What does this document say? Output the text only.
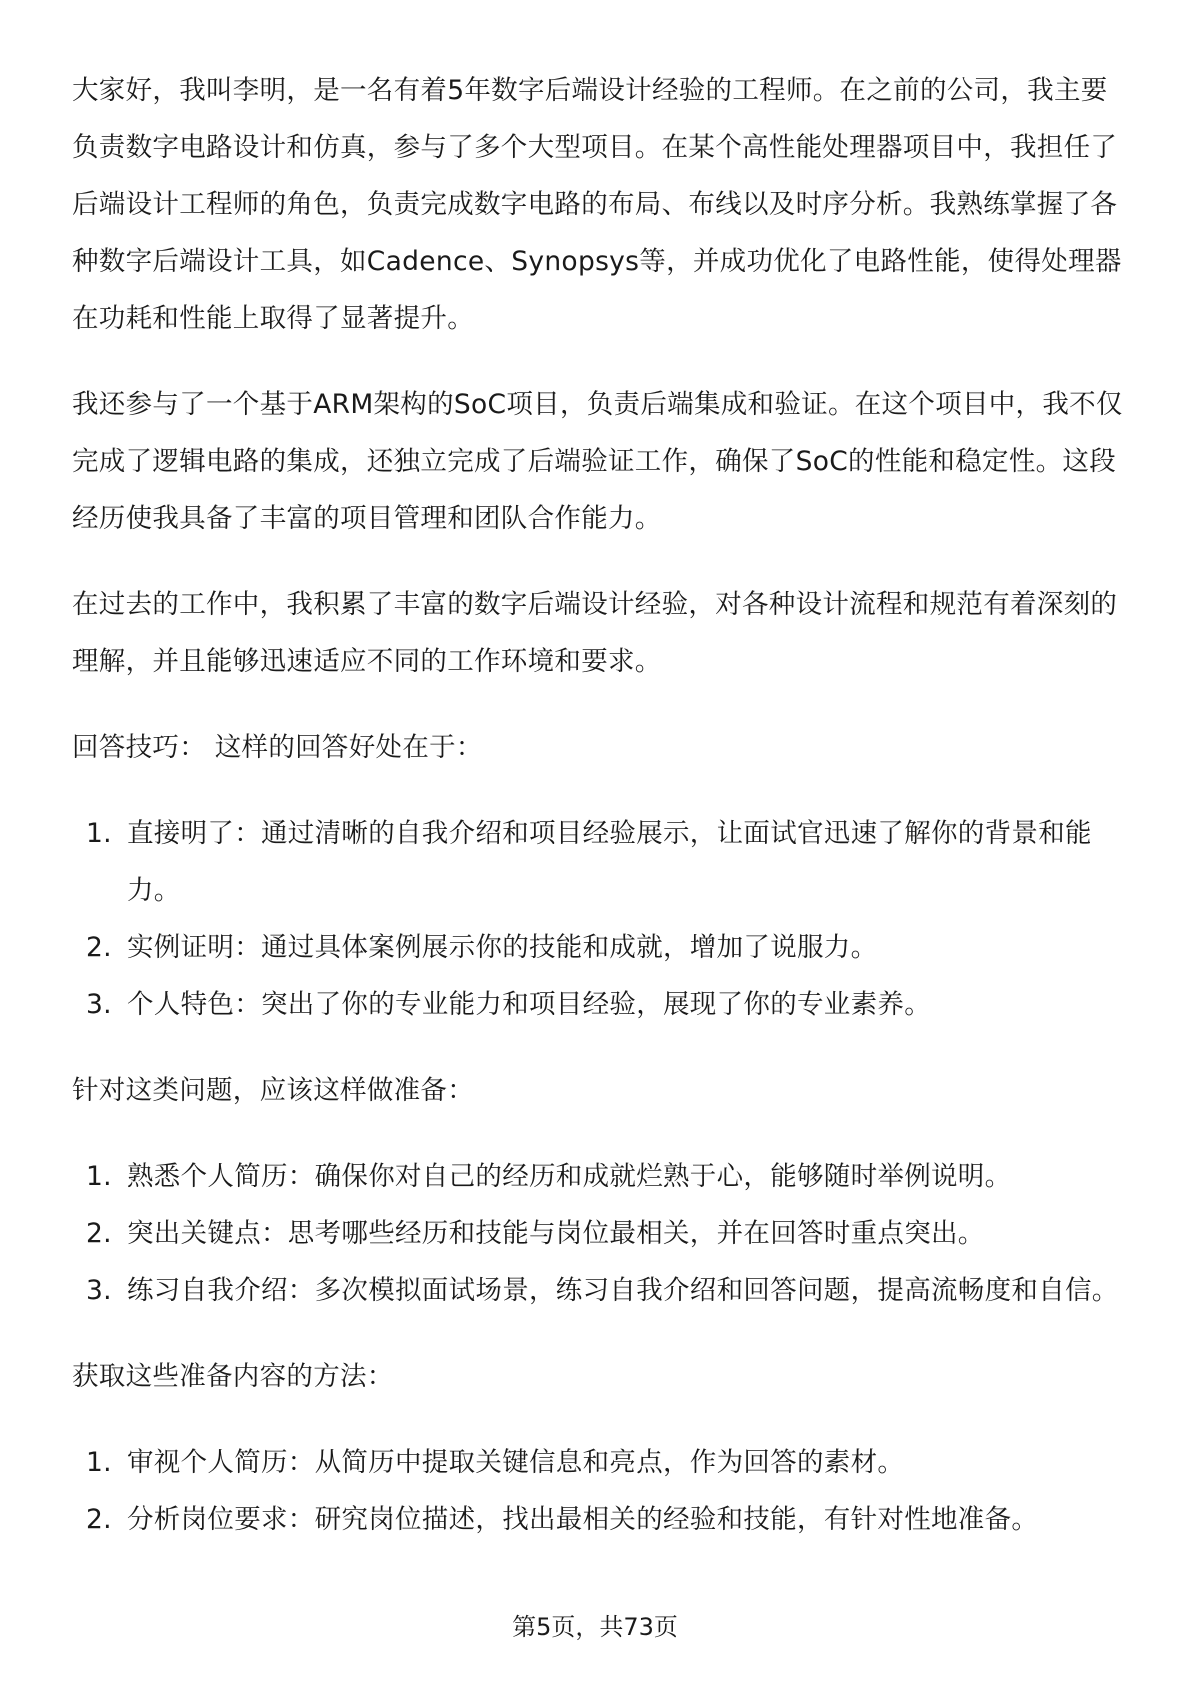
大家好，我叫李明，是一名有着5年数字后端设计经验的工程师。在之前的公司，我主要负责数字电路设计和仿真，参与了多个大型项目。在某个高性能处理器项目中，我担任了后端设计工程师的角色，负责完成数字电路的布局、布线以及时序分析。我熟练掌握了各种数字后端设计工具，如Cadence、Synopsys等，并成功优化了电路性能，使得处理器在功耗和性能上取得了显著提升。

我还参与了一个基于ARM架构的SoC项目，负责后端集成和验证。在这个项目中，我不仅完成了逻辑电路的集成，还独立完成了后端验证工作，确保了SoC的性能和稳定性。这段经历使我具备了丰富的项目管理和团队合作能力。

在过去的工作中，我积累了丰富的数字后端设计经验，对各种设计流程和规范有着深刻的理解，并且能够迅速适应不同的工作环境和要求。

回答技巧： 这样的回答好处在于：

1. 直接明了：通过清晰的自我介绍和项目经验展示，让面试官迅速了解你的背景和能力。
2. 实例证明：通过具体案例展示你的技能和成就，增加了说服力。
3. 个人特色：突出了你的专业能力和项目经验，展现了你的专业素养。

针对这类问题，应该这样做准备：

1. 熟悉个人简历：确保你对自己的经历和成就烂熟于心，能够随时举例说明。
2. 突出关键点：思考哪些经历和技能与岗位最相关，并在回答时重点突出。
3. 练习自我介绍：多次模拟面试场景，练习自我介绍和回答问题，提高流畅度和自信。

获取这些准备内容的方法：

1. 审视个人简历：从简历中提取关键信息和亮点，作为回答的素材。
2. 分析岗位要求：研究岗位描述，找出最相关的经验和技能，有针对性地准备。
第5页，共73页
